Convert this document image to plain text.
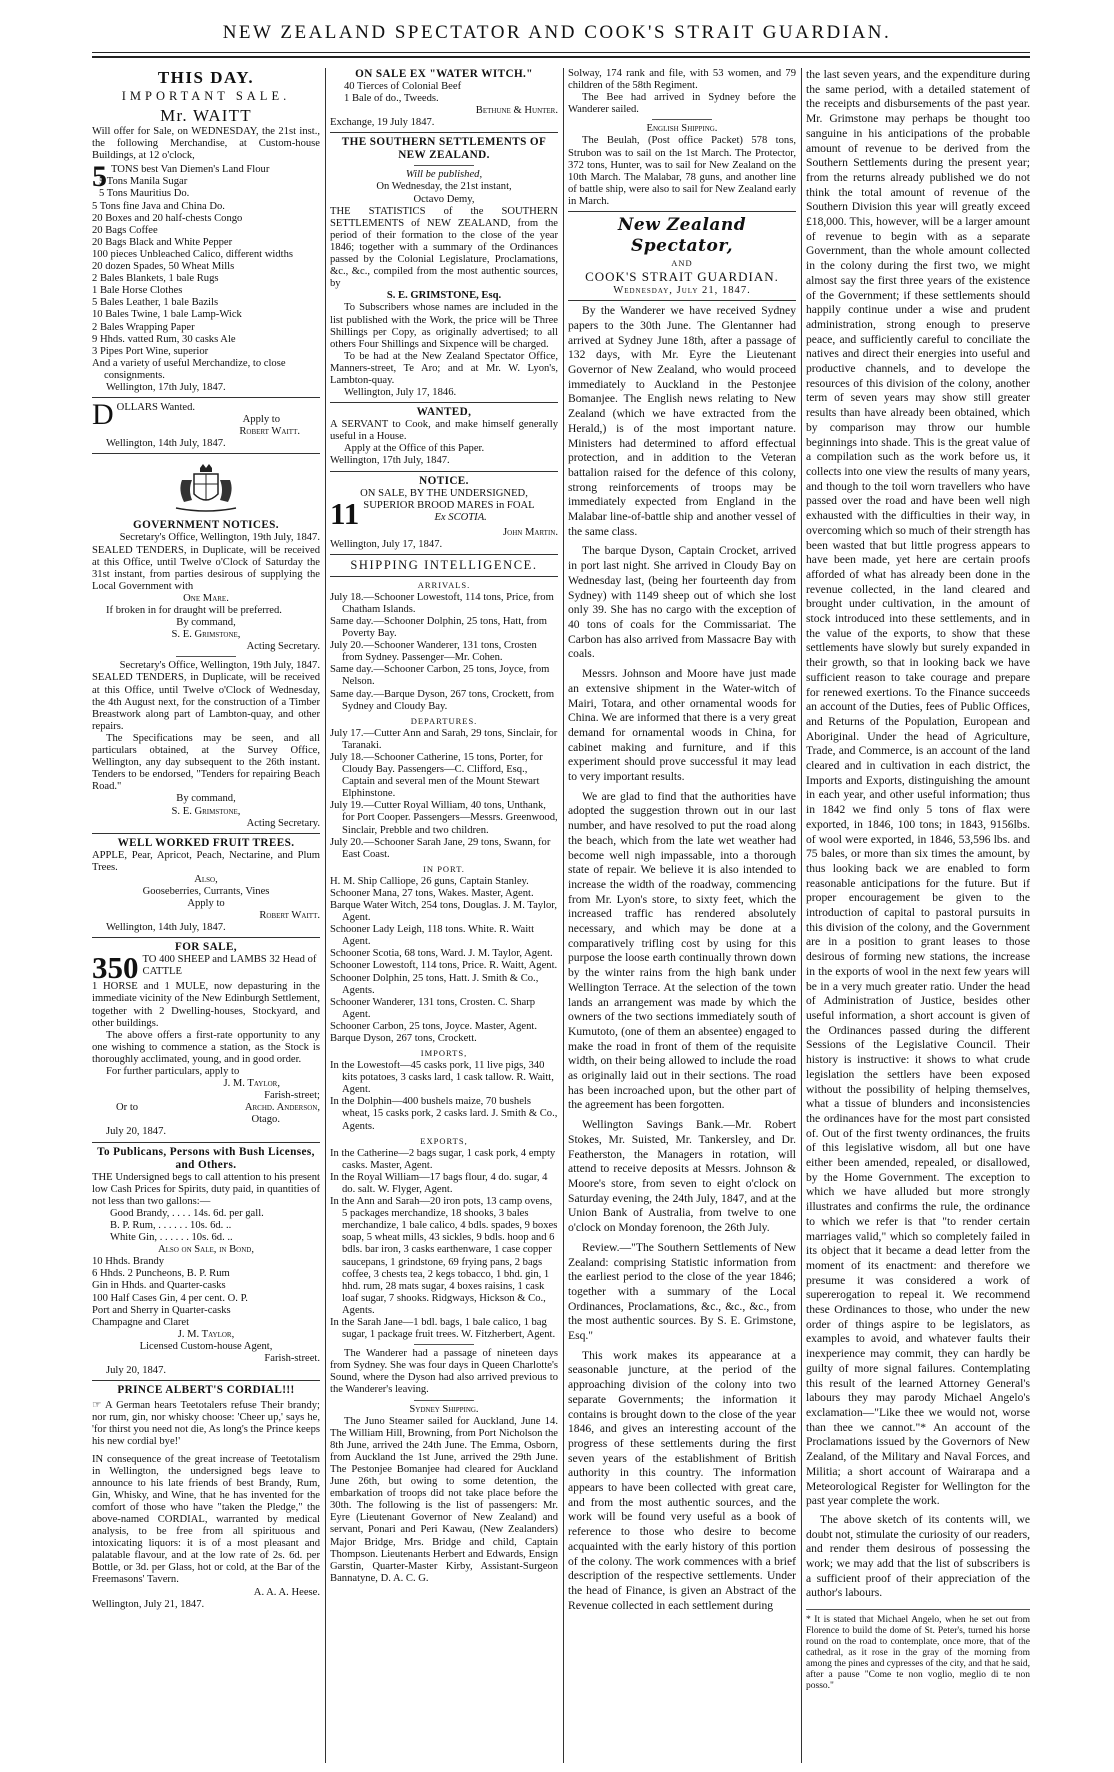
NEW ZEALAND SPECTATOR AND COOK'S STRAIT GUARDIAN.
THIS DAY.
IMPORTANT SALE.
Mr. WAITT

Will offer for Sale, on WEDNESDAY, the 21st inst., the following Merchandise, at Custom-house Buildings, at 12 o'clock,

5 TONS best Van Diemen's Land Flour

5 Tons Manila Sugar

5 Tons Mauritius Do.

5 Tons fine Java and China Do.

20 Boxes and 20 half-chests Congo

20 Bags Coffee

20 Bags Black and White Pepper

100 pieces Unbleached Calico, different widths

20 dozen Spades, 50 Wheat Mills

2 Bales Blankets, 1 bale Rugs

1 Bale Horse Clothes

5 Bales Leather, 1 bale Bazils

10 Bales Twine, 1 bale Lamp-Wick

2 Bales Wrapping Paper

9 Hhds. vatted Rum, 30 casks Ale

3 Pipes Port Wine, superior

And a variety of useful Merchandize, to close consignments.

Wellington, 17th July, 1847.

D OLLARS Wanted.

Apply to

Robert Waitt.

Wellington, 14th July, 1847.

GOVERNMENT NOTICES.

Secretary's Office, Wellington, 19th July, 1847.

SEALED TENDERS, in Duplicate, will be received at this Office, until Twelve o'Clock of Saturday the 31st instant, from parties desirous of supplying the Local Government with

One Mare.

If broken in for draught will be preferred.

By command,

S. E. Grimstone,

Acting Secretary.

Secretary's Office, Wellington, 19th July, 1847.

SEALED TENDERS, in Duplicate, will be received at this Office, until Twelve o'Clock of Wednesday, the 4th August next, for the construction of a Timber Breastwork along part of Lambton-quay, and other repairs.

The Specifications may be seen, and all particulars obtained, at the Survey Office, Wellington, any day subsequent to the 26th instant. Tenders to be endorsed, "Tenders for repairing Beach Road."

By command,

S. E. Grimstone,

Acting Secretary.

WELL WORKED FRUIT TREES.

APPLE, Pear, Apricot, Peach, Nectarine, and Plum Trees.

Also,

Gooseberries, Currants, Vines

Apply to

Robert Waitt.

Wellington, 14th July, 1847.

FOR SALE,
350 TO 400 SHEEP and LAMBS 32 Head of CATTLE

1 HORSE and 1 MULE, now depasturing in the immediate vicinity of the New Edinburgh Settlement, together with 2 Dwelling-houses, Stockyard, and other buildings.

The above offers a first-rate opportunity to any one wishing to commence a station, as the Stock is thoroughly acclimated, young, and in good order.

For further particulars, apply to

J. M. Taylor,

Farish-street;

Or to	Archd. Anderson,

Otago.

July 20, 1847.

To Publicans, Persons with Bush Licenses, and Others.

THE Undersigned begs to call attention to his present low Cash Prices for Spirits, duty paid, in quantities of not less than two gallons:—

Good Brandy, . . . . 14s. 6d. per gall.

B. P. Rum, . . . . . . 10s. 6d. ..

White Gin, . . . . . . 10s. 6d. ..

Also on Sale, in Bond,

10 Hhds. Brandy

6 Hhds. 2 Puncheons, B. P. Rum

Gin in Hhds. and Quarter-casks

100 Half Cases Gin, 4 per cent. O. P.

Port and Sherry in Quarter-casks

Champagne and Claret

J. M. Taylor,

Licensed Custom-house Agent,

Farish-street.

July 20, 1847.

PRINCE ALBERT'S CORDIAL!!!

☞ A German hears Teetotalers refuse Their brandy; nor rum, gin, nor whisky choose: 'Cheer up,' says he, 'for thirst you need not die, As long's the Prince keeps his new cordial bye!'

IN consequence of the great increase of Teetotalism in Wellington, the undersigned begs leave to announce to his late friends of best Brandy, Rum, Gin, Whisky, and Wine, that he has invented for the comfort of those who have "taken the Pledge," the above-named CORDIAL, warranted by medical analysis, to be free from all spirituous and intoxicating liquors: it is of a most pleasant and palatable flavour, and at the low rate of 2s. 6d. per Bottle, or 3d. per Glass, hot or cold, at the Bar of the Freemasons' Tavern.

A. A. A. Heese.

Wellington, July 21, 1847.

ON SALE EX "WATER WITCH."

40 Tierces of Colonial Beef

1 Bale of do., Tweeds.

Bethune & Hunter.

Exchange, 19 July 1847.

THE SOUTHERN SETTLEMENTS OF NEW ZEALAND.

Will be published,

On Wednesday, the 21st instant,

Octavo Demy,

THE STATISTICS of the SOUTHERN SETTLEMENTS of NEW ZEALAND, from the period of their formation to the close of the year 1846; together with a summary of the Ordinances passed by the Colonial Legislature, Proclamations, &c., &c., compiled from the most authentic sources, by

S. E. GRIMSTONE, Esq.

To Subscribers whose names are included in the list published with the Work, the price will be Three Shillings per Copy, as originally advertised; to all others Four Shillings and Sixpence will be charged.

To be had at the New Zealand Spectator Office, Manners-street, Te Aro; and at Mr. W. Lyon's, Lambton-quay.

Wellington, July 17, 1846.

WANTED,

A SERVANT to Cook, and make himself generally useful in a House.

Apply at the Office of this Paper.

Wellington, 17th July, 1847.

NOTICE.

ON SALE, BY THE UNDERSIGNED,

11 SUPERIOR BROOD MARES in FOAL

Ex SCOTIA.

John Martin.

Wellington, July 17, 1847.

SHIPPING INTELLIGENCE.
ARRIVALS.

July 18.—Schooner Lowestoft, 114 tons, Price, from Chatham Islands.

Same day.—Schooner Dolphin, 25 tons, Hatt, from Poverty Bay.

July 20.—Schooner Wanderer, 131 tons, Crosten from Sydney. Passenger—Mr. Cohen.

Same day.—Schooner Carbon, 25 tons, Joyce, from Nelson.

Same day.—Barque Dyson, 267 tons, Crockett, from Sydney and Cloudy Bay.

DEPARTURES.

July 17.—Cutter Ann and Sarah, 29 tons, Sinclair, for Taranaki.

July 18.—Schooner Catherine, 15 tons, Porter, for Cloudy Bay. Passengers—C. Clifford, Esq., Captain and several men of the Mount Stewart Elphinstone.

July 19.—Cutter Royal William, 40 tons, Unthank, for Port Cooper. Passengers—Messrs. Greenwood, Sinclair, Prebble and two children.

July 20.—Schooner Sarah Jane, 29 tons, Swann, for East Coast.

IN PORT.

H. M. Ship Calliope, 26 guns, Captain Stanley.

Schooner Mana, 27 tons, Wakes. Master, Agent.

Barque Water Witch, 254 tons, Douglas. J. M. Taylor, Agent.

Schooner Lady Leigh, 118 tons. White. R. Waitt Agent.

Schooner Scotia, 68 tons, Ward. J. M. Taylor, Agent.

Schooner Lowestoft, 114 tons, Price. R. Waitt, Agent.

Schooner Dolphin, 25 tons, Hatt. J. Smith & Co., Agents.

Schooner Wanderer, 131 tons, Crosten. C. Sharp Agent.

Schooner Carbon, 25 tons, Joyce. Master, Agent.

Barque Dyson, 267 tons, Crockett.

IMPORTS,

In the Lowestoft—45 casks pork, 11 live pigs, 340 kits potatoes, 3 casks lard, 1 cask tallow. R. Waitt, Agent.

In the Dolphin—400 bushels maize, 70 bushels wheat, 15 casks pork, 2 casks lard. J. Smith & Co., Agents.

EXPORTS,

In the Catherine—2 bags sugar, 1 cask pork, 4 empty casks. Master, Agent.

In the Royal William—17 bags flour, 4 do. sugar, 4 do. salt. W. Flyger, Agent.

In the Ann and Sarah—20 iron pots, 13 camp ovens, 5 packages merchandize, 18 shooks, 3 bales merchandize, 1 bale calico, 4 bdls. spades, 9 boxes soap, 5 wheat mills, 43 sickles, 9 bdls. hoop and 6 bdls. bar iron, 3 casks earthenware, 1 case copper saucepans, 1 grindstone, 69 frying pans, 2 bags coffee, 3 chests tea, 2 kegs tobacco, 1 bhd. gin, 1 hhd. rum, 28 mats sugar, 4 boxes raisins, 1 cask loaf sugar, 7 shooks. Ridgways, Hickson & Co., Agents.

In the Sarah Jane—1 bdl. bags, 1 bale calico, 1 bag sugar, 1 package fruit trees. W. Fitzherbert, Agent.

The Wanderer had a passage of nineteen days from Sydney. She was four days in Queen Charlotte's Sound, where the Dyson had also arrived previous to the Wanderer's leaving.

Sydney Shipping.

The Juno Steamer sailed for Auckland, June 14. The William Hill, Browning, from Port Nicholson the 8th June, arrived the 24th June. The Emma, Osborn, from Auckland the 1st June, arrived the 29th June. The Pestonjee Bomanjee had cleared for Auckland June 26th, but owing to some detention, the embarkation of troops did not take place before the 30th. The following is the list of passengers: Mr. Eyre (Lieutenant Governor of New Zealand) and servant, Ponari and Peri Kawau, (New Zealanders) Major Bridge, Mrs. Bridge and child, Captain Thompson. Lieutenants Herbert and Edwards, Ensign Garstin, Quarter-Master Kirby, Assistant-Surgeon Bannatyne, D. A. C. G.

Solway, 174 rank and file, with 53 women, and 79 children of the 58th Regiment.

The Bee had arrived in Sydney before the Wanderer sailed.

English Shipping.

The Beulah, (Post office Packet) 578 tons, Strubon was to sail on the 1st March. The Protector, 372 tons, Hunter, was to sail for New Zealand on the 10th March. The Malabar, 78 guns, and another line of battle ship, were also to sail for New Zealand early in March.

New Zealand Spectator,

AND

COOK'S STRAIT GUARDIAN.

Wednesday, July 21, 1847.

By the Wanderer we have received Sydney papers to the 30th June. The Glentanner had arrived at Sydney June 18th, after a passage of 132 days, with Mr. Eyre the Lieutenant Governor of New Zealand, who would proceed immediately to Auckland in the Pestonjee Bomanjee. The English news relating to New Zealand (which we have extracted from the Herald,) is of the most important nature. Ministers had determined to afford effectual protection, and in addition to the Veteran battalion raised for the defence of this colony, strong reinforcements of troops may be immediately expected from England in the Malabar line-of-battle ship and another vessel of the same class.

The barque Dyson, Captain Crocket, arrived in port last night. She arrived in Cloudy Bay on Wednesday last, (being her fourteenth day from Sydney) with 1149 sheep out of which she lost only 39. She has no cargo with the exception of 40 tons of coals for the Commissariat. The Carbon has also arrived from Massacre Bay with coals.

Messrs. Johnson and Moore have just made an extensive shipment in the Water-witch of Mairi, Totara, and other ornamental woods for China. We are informed that there is a very great demand for ornamental woods in China, for cabinet making and furniture, and if this experiment should prove successful it may lead to very important results.

We are glad to find that the authorities have adopted the suggestion thrown out in our last number, and have resolved to put the road along the beach, which from the late wet weather had become well nigh impassable, into a thorough state of repair. We believe it is also intended to increase the width of the roadway, commencing from Mr. Lyon's store, to sixty feet, which the increased traffic has rendered absolutely necessary, and which may be done at a comparatively trifling cost by using for this purpose the loose earth continually thrown down by the winter rains from the high bank under Wellington Terrace. At the selection of the town lands an arrangement was made by which the owners of the two sections immediately south of Kumutoto, (one of them an absentee) engaged to make the road in front of them of the requisite width, on their being allowed to include the road as originally laid out in their sections. The road has been incroached upon, but the other part of the agreement has been forgotten.

Wellington Savings Bank.—Mr. Robert Stokes, Mr. Suisted, Mr. Tankersley, and Dr. Featherston, the Managers in rotation, will attend to receive deposits at Messrs. Johnson & Moore's store, from seven to eight o'clock on Saturday evening, the 24th July, 1847, and at the Union Bank of Australia, from twelve to one o'clock on Monday forenoon, the 26th July.

Review.—"The Southern Settlements of New Zealand: comprising Statistic information from the earliest period to the close of the year 1846; together with a summary of the Local Ordinances, Proclamations, &c., &c., &c., from the most authentic sources. By S. E. Grimstone, Esq."

This work makes its appearance at a seasonable juncture, at the period of the approaching division of the colony into two separate Governments; the information it contains is brought down to the close of the year 1846, and gives an interesting account of the progress of these settlements during the first seven years of the establishment of British authority in this country. The information appears to have been collected with great care, and from the most authentic sources, and the work will be found very useful as a book of reference to those who desire to become acquainted with the early history of this portion of the colony. The work commences with a brief description of the respective settlements. Under the head of Finance, is given an Abstract of the Revenue collected in each settlement during

the last seven years, and the expenditure during the same period, with a detailed statement of the receipts and disbursements of the past year. Mr. Grimstone may perhaps be thought too sanguine in his anticipations of the probable amount of revenue to be derived from the Southern Settlements during the present year; from the returns already published we do not think the total amount of revenue of the Southern Division this year will greatly exceed £18,000. This, however, will be a larger amount of revenue to begin with as a separate Government, than the whole amount collected in the colony during the first two, we might almost say the first three years of the existence of the Government; if these settlements should happily continue under a wise and prudent administration, strong enough to preserve peace, and sufficiently careful to conciliate the natives and direct their energies into useful and productive channels, and to develope the resources of this division of the colony, another term of seven years may show still greater results than have already been obtained, which by comparison may throw our humble beginnings into shade. This is the great value of a compilation such as the work before us, it collects into one view the results of many years, and though to the toil worn travellers who have passed over the road and have been well nigh exhausted with the difficulties in their way, in overcoming which so much of their strength has been wasted that but little progress appears to have been made, yet here are certain proofs afforded of what has already been done in the revenue collected, in the land cleared and brought under cultivation, in the amount of stock introduced into these settlements, and in the value of the exports, to show that these settlements have slowly but surely expanded in their growth, so that in looking back we have sufficient reason to take courage and prepare for renewed exertions. To the Finance succeeds an account of the Duties, fees of Public Offices, and Returns of the Population, European and Aboriginal. Under the head of Agriculture, Trade, and Commerce, is an account of the land cleared and in cultivation in each district, the Imports and Exports, distinguishing the amount in each year, and other useful information; thus in 1842 we find only 5 tons of flax were exported, in 1846, 100 tons; in 1843, 9156lbs. of wool were exported, in 1846, 53,596 lbs. and 75 bales, or more than six times the amount, by thus looking back we are enabled to form reasonable anticipations for the future. But if proper encouragement be given to the introduction of capital to pastoral pursuits in this division of the colony, and the Government are in a position to grant leases to those desirous of forming new stations, the increase in the exports of wool in the next few years will be in a very much greater ratio. Under the head of Administration of Justice, besides other useful information, a short account is given of the Ordinances passed during the different Sessions of the Legislative Council. Their history is instructive: it shows to what crude legislation the settlers have been exposed without the possibility of helping themselves, what a tissue of blunders and inconsistencies the ordinances have for the most part consisted of. Out of the first twenty ordinances, the fruits of this legislative wisdom, all but one have either been amended, repealed, or disallowed, by the Home Government. The exception to which we have alluded but more strongly illustrates and confirms the rule, the ordinance to which we refer is that "to render certain marriages valid," which so completely failed in its object that it became a dead letter from the moment of its enactment: and therefore we presume it was considered a work of supererogation to repeal it. We recommend these Ordinances to those, who under the new order of things aspire to be legislators, as examples to avoid, and whatever faults their inexperience may commit, they can hardly be guilty of more signal failures. Contemplating this result of the learned Attorney General's labours they may parody Michael Angelo's exclamation—"Like thee we would not, worse than thee we cannot."* An account of the Proclamations issued by the Governors of New Zealand, of the Military and Naval Forces, and Militia; a short account of Wairarapa and a Meteorological Register for Wellington for the past year complete the work.

The above sketch of its contents will, we doubt not, stimulate the curiosity of our readers, and render them desirous of possessing the work; we may add that the list of subscribers is a sufficient proof of their appreciation of the author's labours.

* It is stated that Michael Angelo, when he set out from Florence to build the dome of St. Peter's, turned his horse round on the road to contemplate, once more, that of the cathedral, as it rose in the gray of the morning from among the pines and cypresses of the city, and that he said, after a pause "Come te non voglio, meglio di te non posso."
